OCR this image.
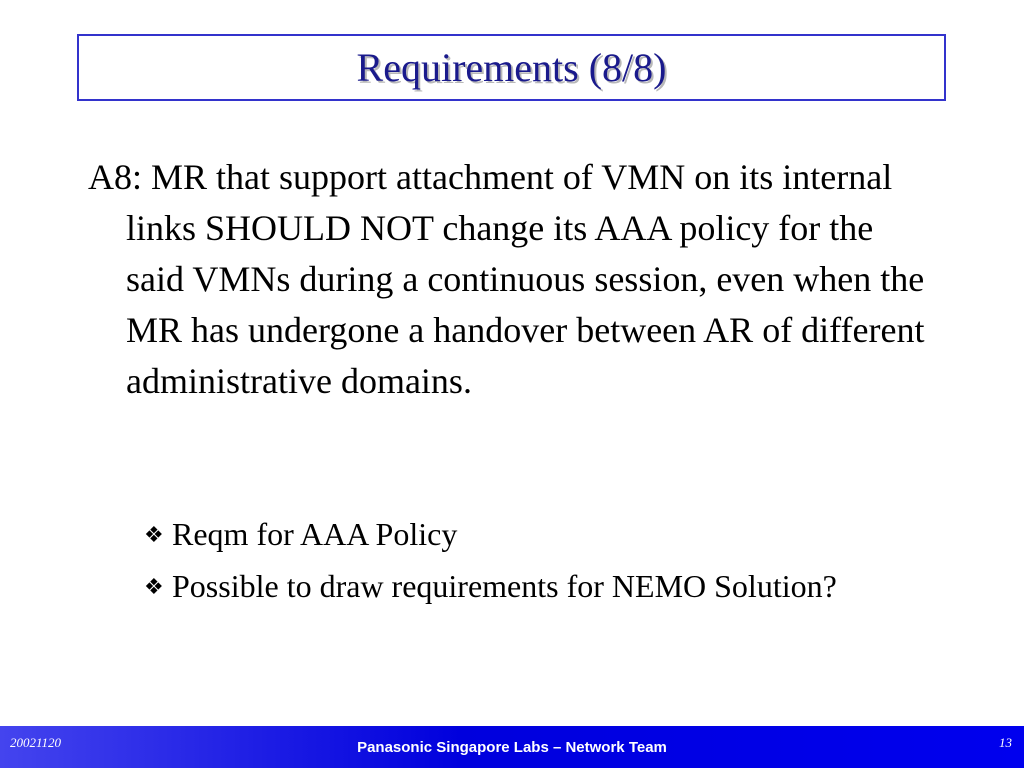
Requirements (8/8)

A8: MR that support attachment of VMN on its internal links SHOULD NOT change its AAA policy for the said VMNs during a continuous session, even when the MR has undergone a handover between AR of different administrative domains.

❖ Reqm for AAA Policy
❖ Possible to draw requirements for NEMO Solution?
20021120	Panasonic Singapore Labs – Network Team	13
